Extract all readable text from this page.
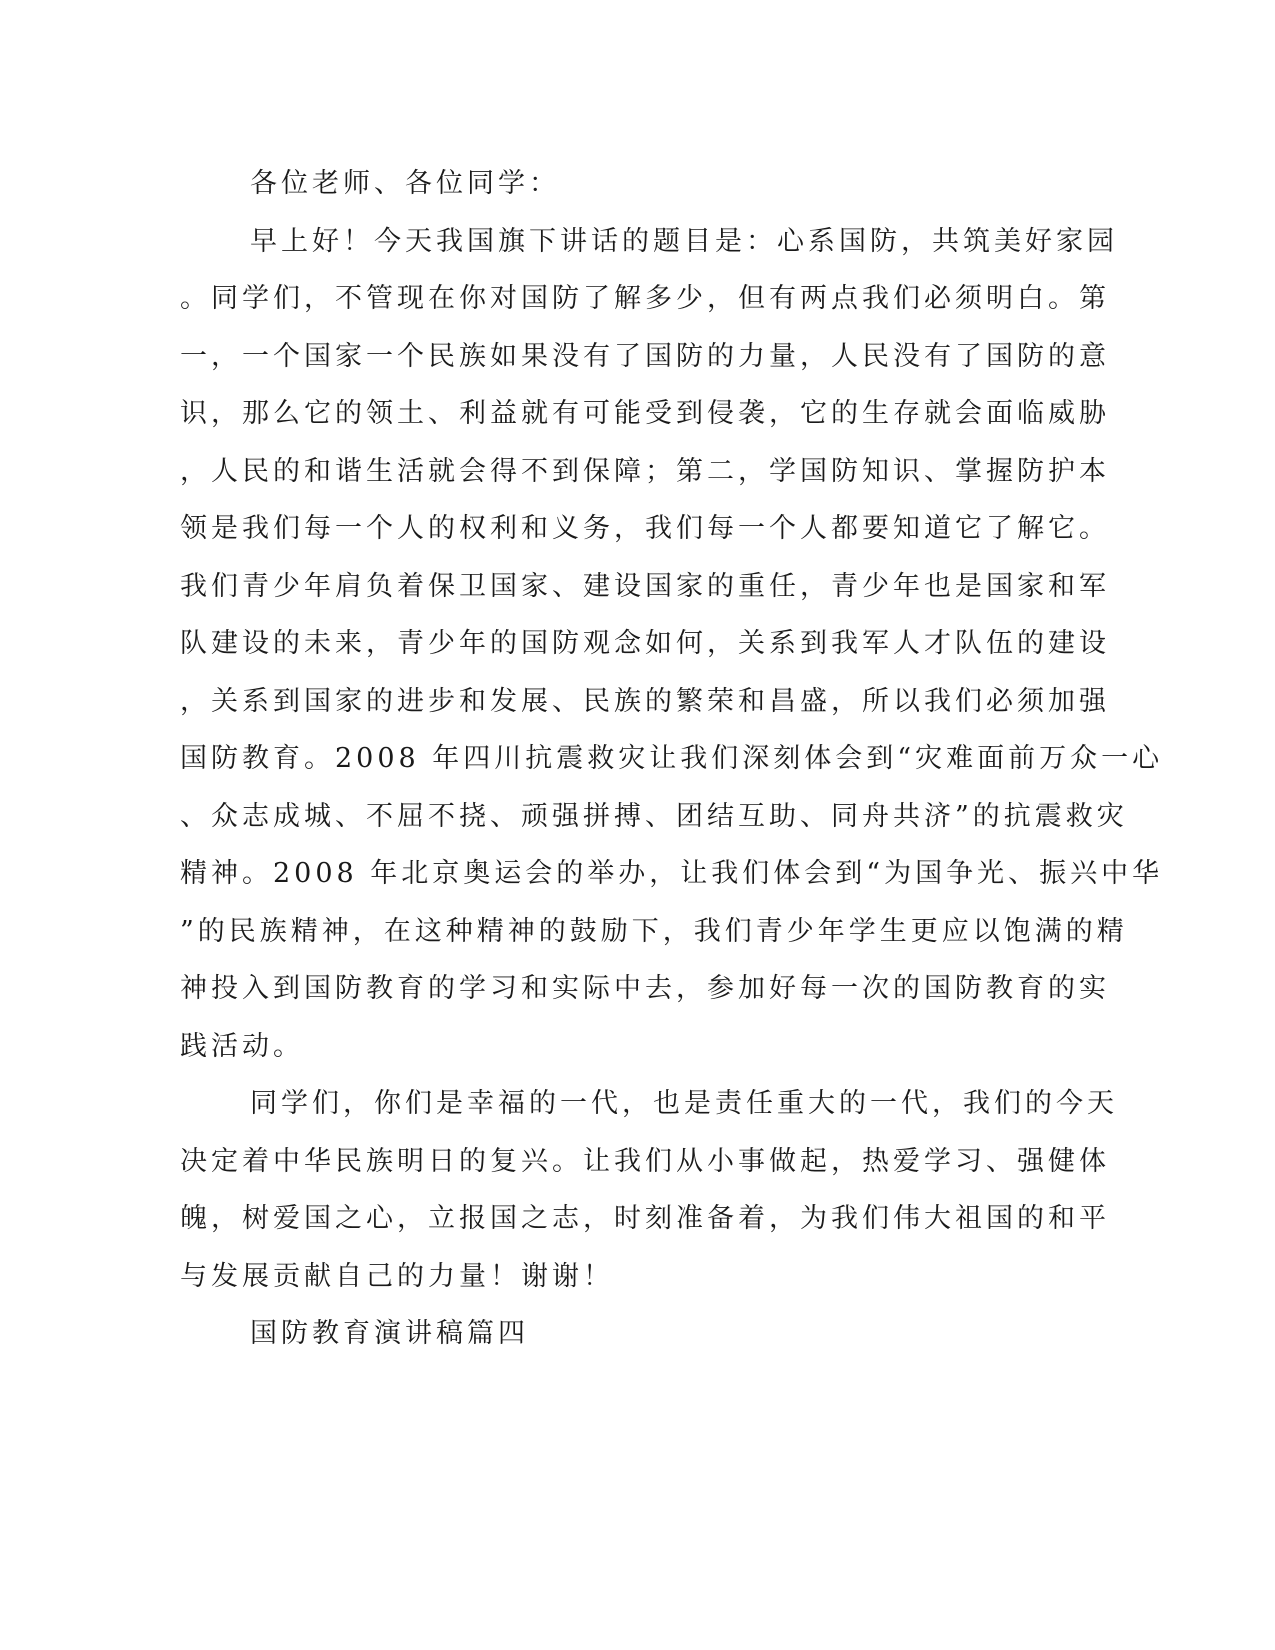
各位老师、各位同学：
早上好！今天我国旗下讲话的题目是：心系国防，共筑美好家园
。同学们，不管现在你对国防了解多少，但有两点我们必须明白。第
一，一个国家一个民族如果没有了国防的力量，人民没有了国防的意
识，那么它的领土、利益就有可能受到侵袭，它的生存就会面临威胁
，人民的和谐生活就会得不到保障；第二，学国防知识、掌握防护本
领是我们每一个人的权利和义务，我们每一个人都要知道它了解它。
我们青少年肩负着保卫国家、建设国家的重任，青少年也是国家和军
队建设的未来，青少年的国防观念如何，关系到我军人才队伍的建设
，关系到国家的进步和发展、民族的繁荣和昌盛，所以我们必须加强
国防教育。2008 年四川抗震救灾让我们深刻体会到“灾难面前万众一心
、众志成城、不屈不挠、顽强拼搏、团结互助、同舟共济”的抗震救灾
精神。2008 年北京奥运会的举办，让我们体会到“为国争光、振兴中华
”的民族精神，在这种精神的鼓励下，我们青少年学生更应以饱满的精
神投入到国防教育的学习和实际中去，参加好每一次的国防教育的实
践活动。
同学们，你们是幸福的一代，也是责任重大的一代，我们的今天
决定着中华民族明日的复兴。让我们从小事做起，热爱学习、强健体
魄，树爱国之心，立报国之志，时刻准备着，为我们伟大祖国的和平
与发展贡献自己的力量！谢谢！
国防教育演讲稿篇四
